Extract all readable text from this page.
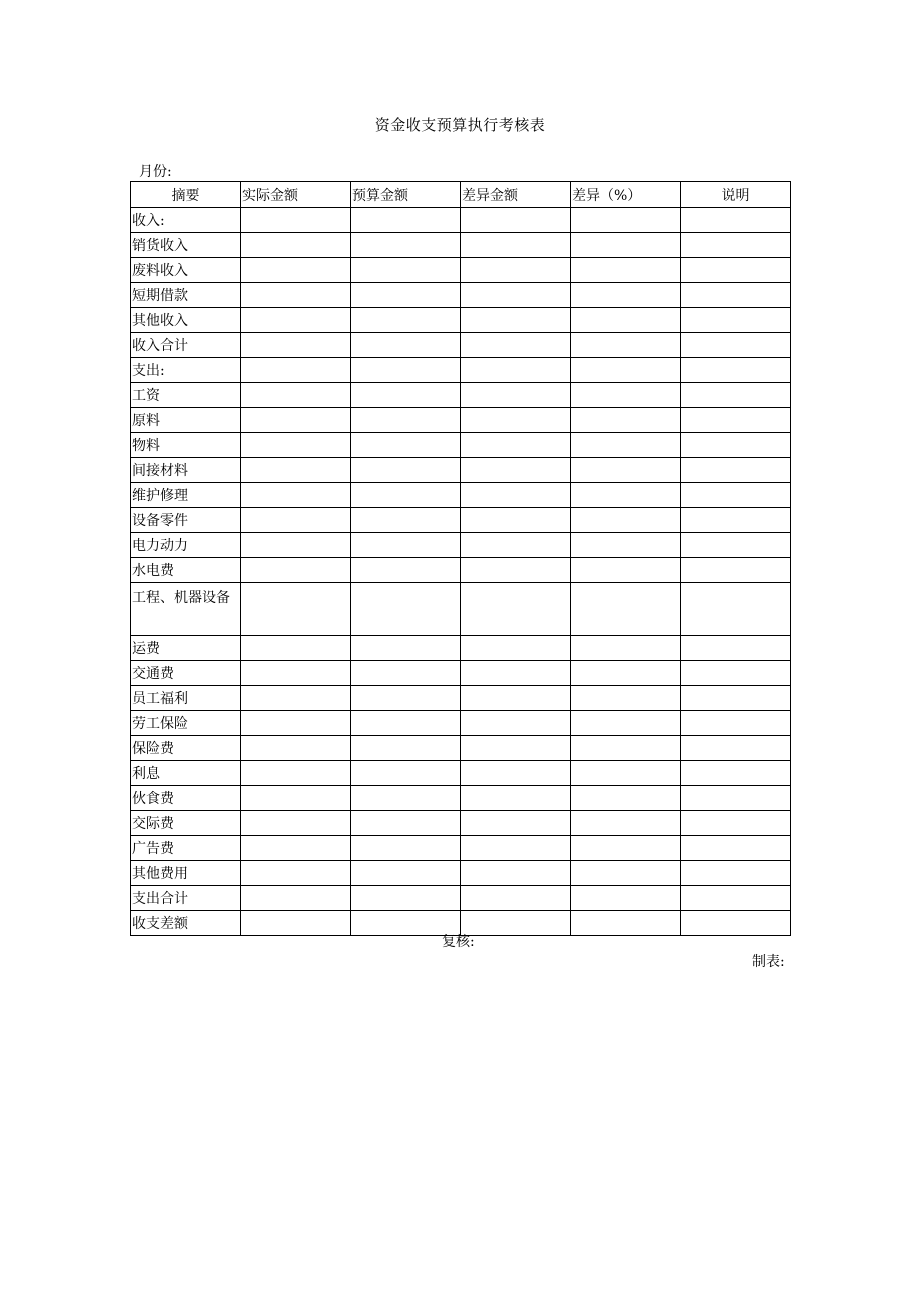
资金收支预算执行考核表
月份:
摘要	实际金额	预算金额	差异金额	差异（%）	说明
收入:					
销货收入					
废料收入					
短期借款					
其他收入					
收入合计					
支出:					
工资					
原料					
物料					
间接材料					
维护修理					
设备零件					
电力动力					
水电费					
工程、机器设备					
运费					
交通费					
员工福利					
劳工保险					
保险费					
利息					
伙食费					
交际费					
广告费					
其他费用					
支出合计					
收支差额					
复核:
制表:
